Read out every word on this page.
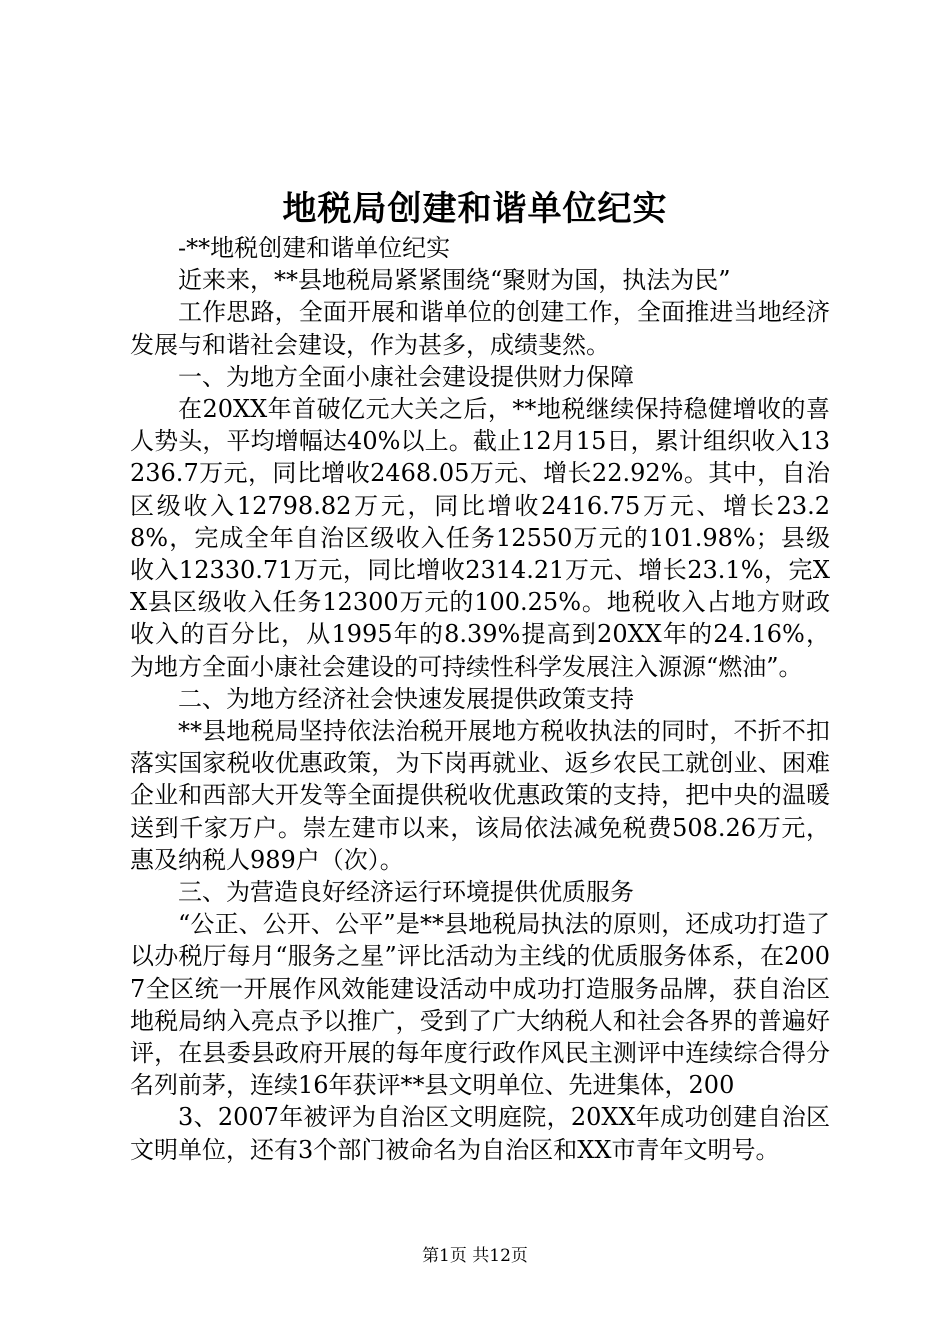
地税局创建和谐单位纪实

-**地税创建和谐单位纪实

近来来，**县地税局紧紧围绕“聚财为国，执法为民”

工作思路，全面开展和谐单位的创建工作，全面推进当地经济发展与和谐社会建设，作为甚多，成绩斐然。

一、为地方全面小康社会建设提供财力保障

在20XX年首破亿元大关之后，**地税继续保持稳健增收的喜人势头，平均增幅达40%以上。截止12月15日，累计组织收入13236.7万元，同比增收2468.05万元、增长22.92%。其中，自治区级收入12798.82万元，同比增收2416.75万元、增长23.28%，完成全年自治区级收入任务12550万元的101.98%；县级收入12330.71万元，同比增收2314.21万元、增长23.1%，完XX县区级收入任务12300万元的100.25%。地税收入占地方财政收入的百分比，从1995年的8.39%提高到20XX年的24.16%，为地方全面小康社会建设的可持续性科学发展注入源源“燃油”。

二、为地方经济社会快速发展提供政策支持

**县地税局坚持依法治税开展地方税收执法的同时，不折不扣落实国家税收优惠政策，为下岗再就业、返乡农民工就创业、困难企业和西部大开发等全面提供税收优惠政策的支持，把中央的温暖送到千家万户。崇左建市以来，该局依法减免税费508.26万元，惠及纳税人989户（次）。

三、为营造良好经济运行环境提供优质服务

“公正、公开、公平”是**县地税局执法的原则，还成功打造了以办税厅每月“服务之星”评比活动为主线的优质服务体系，在2007全区统一开展作风效能建设活动中成功打造服务品牌，获自治区地税局纳入亮点予以推广，受到了广大纳税人和社会各界的普遍好评，在县委县政府开展的每年度行政作风民主测评中连续综合得分名列前茅，连续16年获评**县文明单位、先进集体，200

3、2007年被评为自治区文明庭院，20XX年成功创建自治区文明单位，还有3个部门被命名为自治区和XX市青年文明号。

第1页 共12页
